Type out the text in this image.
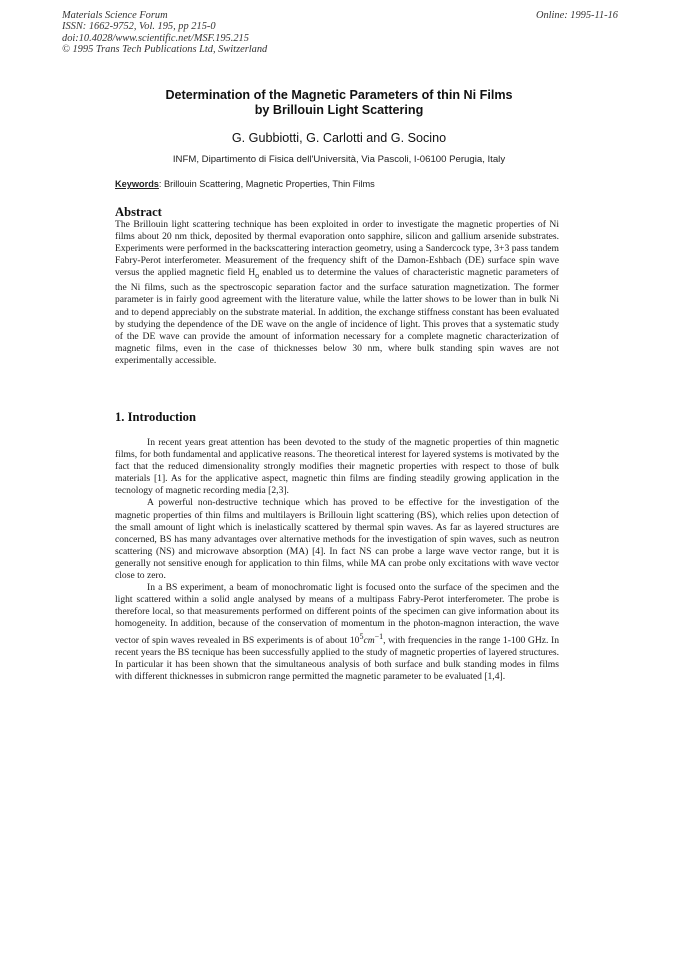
Materials Science Forum
ISSN: 1662-9752, Vol. 195, pp 215-0
doi:10.4028/www.scientific.net/MSF.195.215
© 1995 Trans Tech Publications Ltd, Switzerland
Online: 1995-11-16
Determination of the Magnetic Parameters of thin Ni Films
by Brillouin Light Scattering
G. Gubbiotti, G. Carlotti and G. Socino
INFM, Dipartimento di Fisica dell'Università, Via Pascoli, I-06100 Perugia, Italy
Keywords: Brillouin Scattering, Magnetic Properties, Thin Films
Abstract

The Brillouin light scattering technique has been exploited in order to investigate the magnetic properties of Ni films about 20 nm thick, deposited by thermal evaporation onto sapphire, silicon and gallium arsenide substrates. Experiments were performed in the backscattering interaction geometry, using a Sandercock type, 3+3 pass tandem Fabry-Perot interferometer. Measurement of the frequency shift of the Damon-Eshbach (DE) surface spin wave versus the applied magnetic field $H_o$ enabled us to determine the values of characteristic magnetic parameters of the Ni films, such as the spectroscopic separation factor and the surface saturation magnetization. The former parameter is in fairly good agreement with the literature value, while the latter shows to be lower than in bulk Ni and to depend appreciably on the substrate material. In addition, the exchange stiffness constant has been evaluated by studying the dependence of the DE wave on the angle of incidence of light. This proves that a systematic study of the DE wave can provide the amount of information necessary for a complete magnetic characterization of magnetic films, even in the case of thicknesses below 30 nm, where bulk standing spin waves are not experimentally accessible.

1. Introduction

In recent years great attention has been devoted to the study of the magnetic properties of thin magnetic films, for both fundamental and applicative reasons. The theoretical interest for layered systems is motivated by the fact that the reduced dimensionality strongly modifies their magnetic properties with respect to those of bulk materials [1]. As for the applicative aspect, magnetic thin films are finding steadily growing application in the tecnology of magnetic recording media [2,3].

A powerful non-destructive technique which has proved to be effective for the investigation of the magnetic properties of thin films and multilayers is Brillouin light scattering (BS), which relies upon detection of the small amount of light which is inelastically scattered by thermal spin waves. As far as layered structures are concerned, BS has many advantages over alternative methods for the investigation of spin waves, such as neutron scattering (NS) and microwave absorption (MA) [4]. In fact NS can probe a large wave vector range, but it is generally not sensitive enough for application to thin films, while MA can probe only excitations with wave vector close to zero.

In a BS experiment, a beam of monochromatic light is focused onto the surface of the specimen and the light scattered within a solid angle analysed by means of a multipass Fabry-Perot interferometer. The probe is therefore local, so that measurements performed on different points of the specimen can give information about its homogeneity. In addition, because of the conservation of momentum in the photon-magnon interaction, the wave vector of spin waves revealed in BS experiments is of about $10^5cm^{-1}$, with frequencies in the range 1-100 GHz. In recent years the BS tecnique has been successfully applied to the study of magnetic properties of layered structures. In particular it has been shown that the simultaneous analysis of both surface and bulk standing modes in films with different thicknesses in submicron range permitted the magnetic parameter to be evaluated [1,4].
